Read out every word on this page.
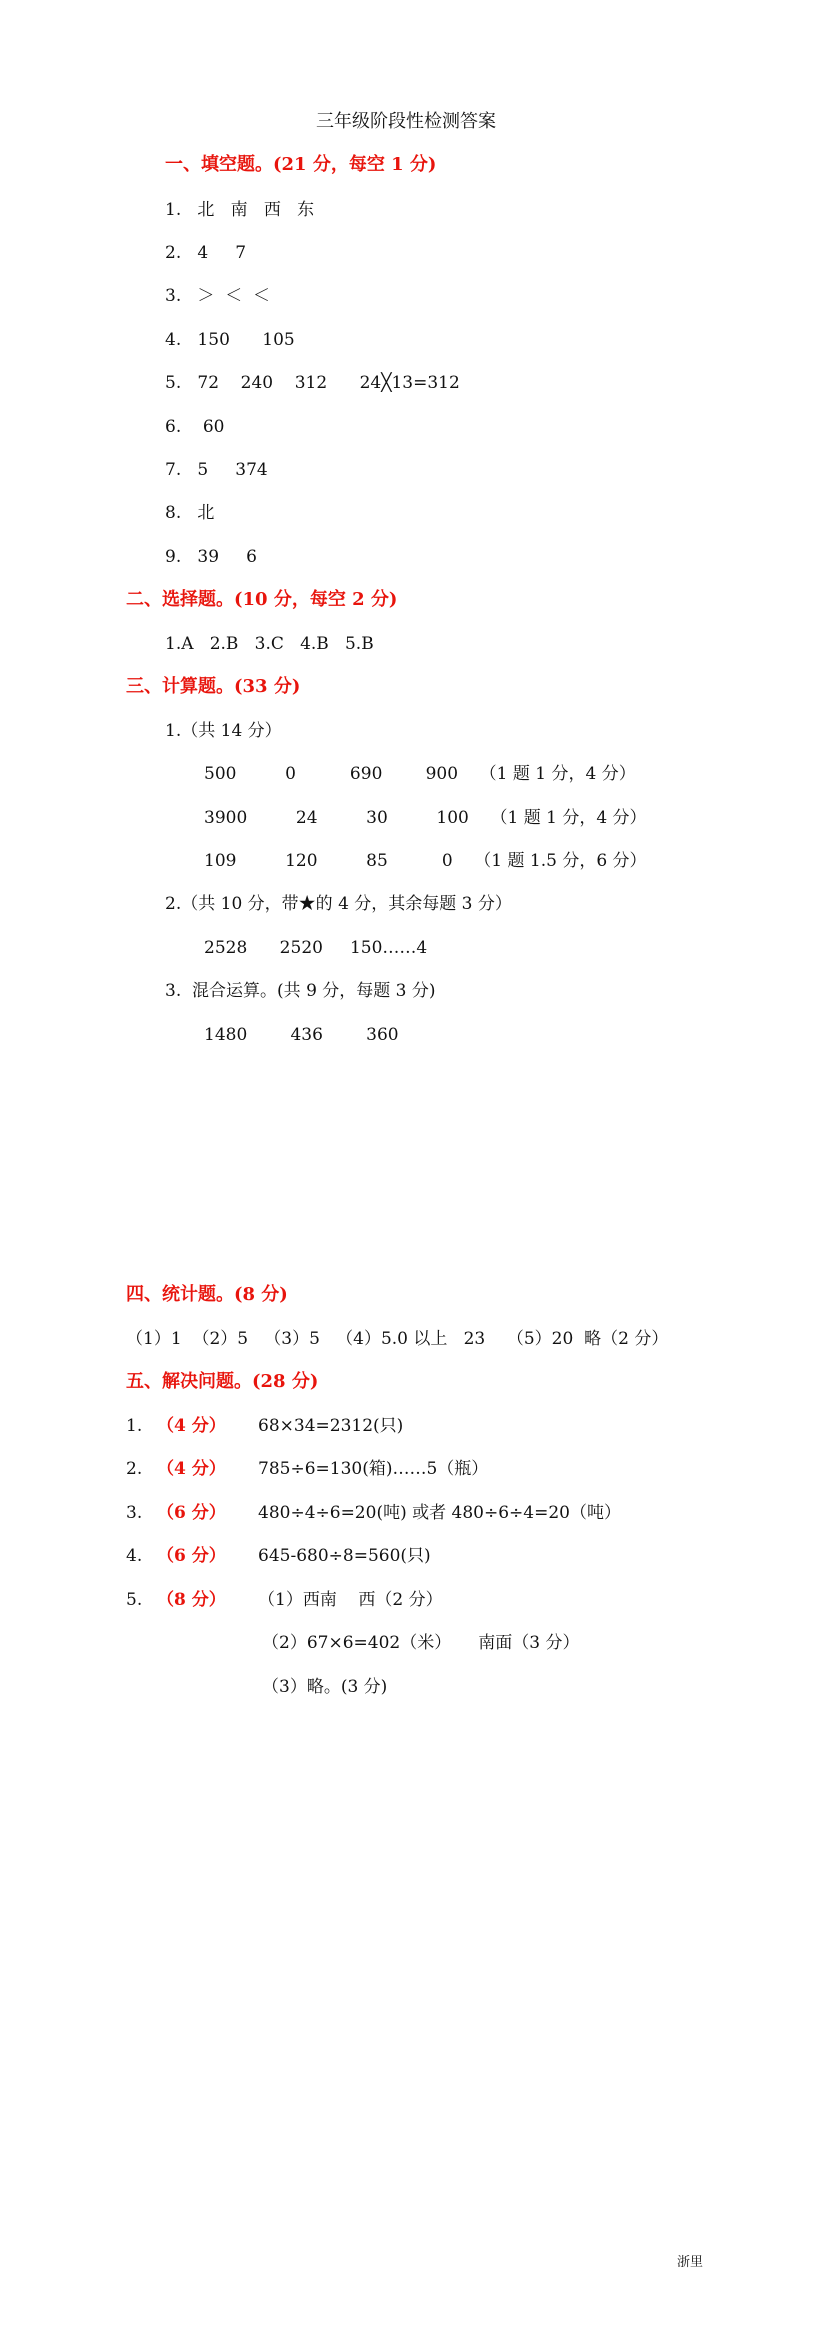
三年级阶段性检测答案
一、填空题。(21 分，每空 1 分)
1.   北   南   西   东
2.   4     7
3.   ＞  ＜  ＜
4.   150      105
5.   72    240    312      24╳13=312
6.    60
7.   5     374
8.   北
9.   39     6
二、选择题。(10 分，每空 2 分)
1.A   2.B   3.C   4.B   5.B
三、计算题。(33 分)
1.（共 14 分）
500         0          690        900    （1 题 1 分，4 分）
3900         24         30         100    （1 题 1 分，4 分）
109         120         85          0    （1 题 1.5 分，6 分）
2.（共 10 分，带★的 4 分，其余每题 3 分）
2528      2520     150……4
3.  混合运算。(共 9 分，每题 3 分)
1480        436        360
四、统计题。(8 分)
（1）1  （2）5   （3）5   （4）5.0 以上   23    （5）20  略（2 分）
五、解决问题。(28 分)
1. （4 分） 68×34=2312(只)
2. （4 分） 785÷6=130(箱)……5（瓶）
3. （6 分） 480÷4÷6=20(吨) 或者 480÷6÷4=20（吨）
4. （6 分） 645-680÷8=560(只)
5. （8 分） （1）西南    西（2 分）
（2）67×6=402（米）     南面（3 分）
（3）略。(3 分)
浙里
